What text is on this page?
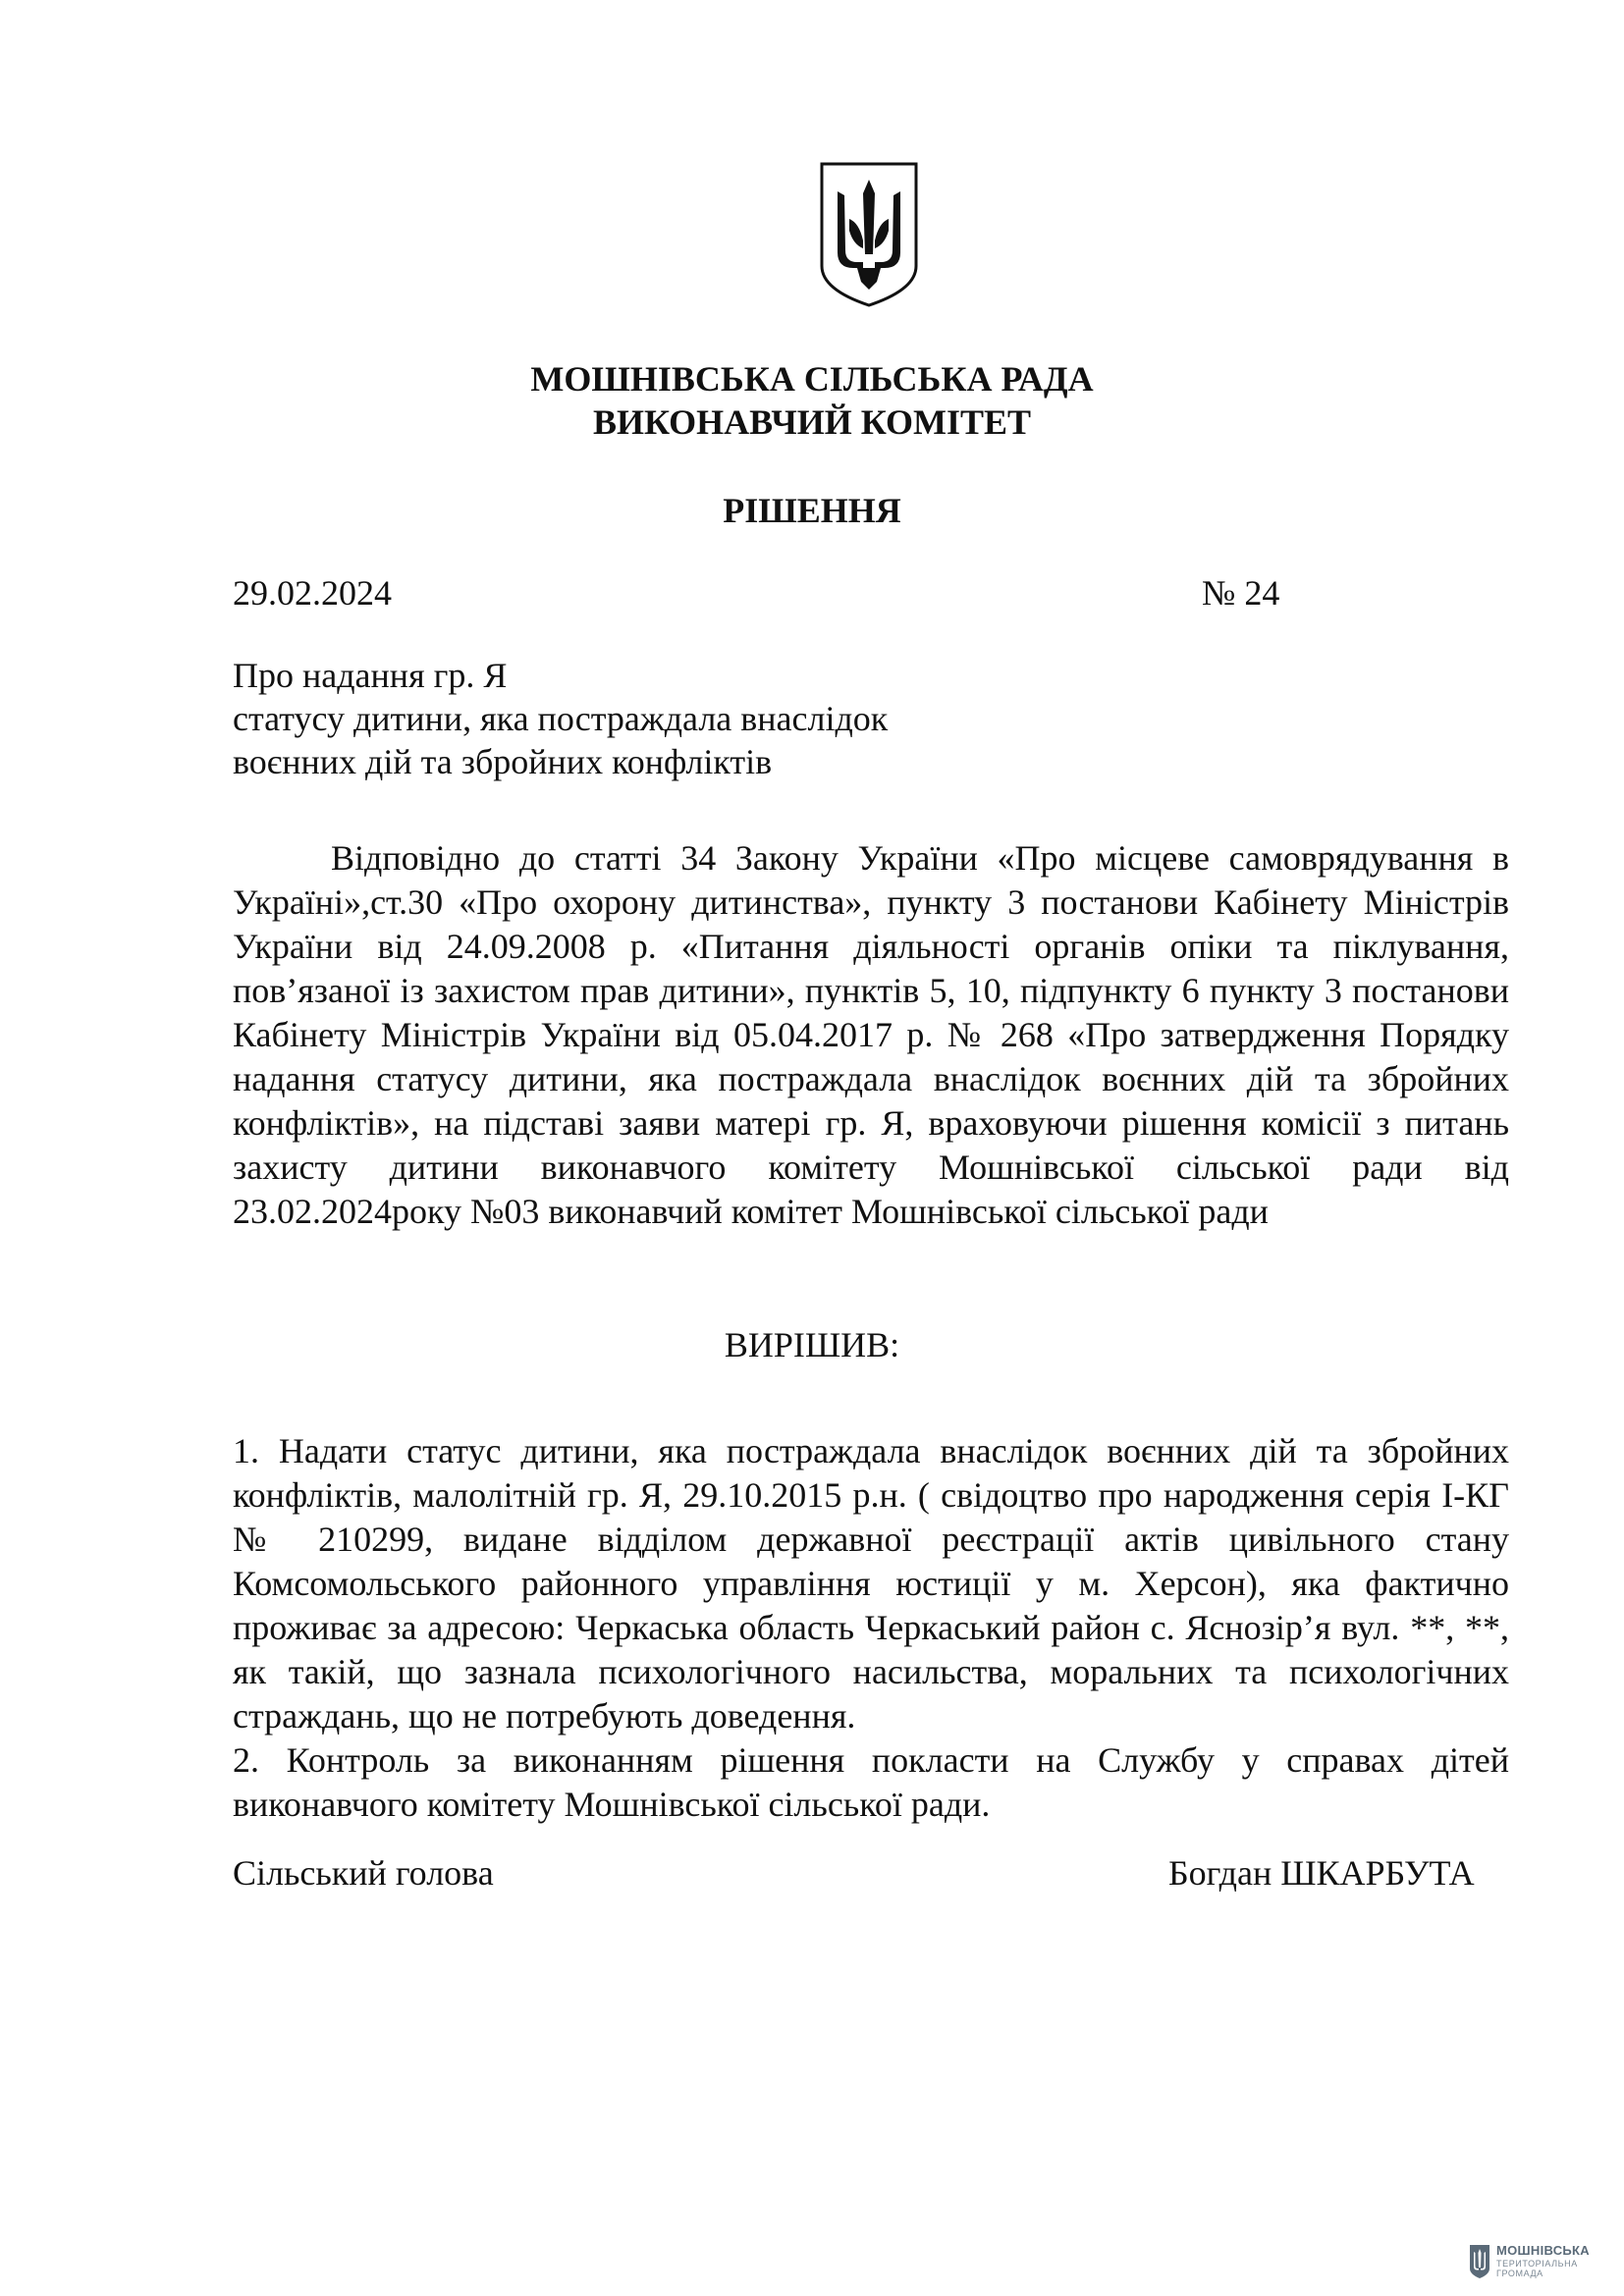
МОШНІВСЬКА СІЛЬСЬКА РАДА
ВИКОНАВЧИЙ КОМІТЕТ
РІШЕННЯ
29.02.2024	№ 24
Про надання гр. Я
статусу дитини, яка постраждала внаслідок
воєнних дій та збройних конфліктів
Відповідно до статті 34 Закону України «Про місцеве самоврядування в Україні»,ст.30 «Про охорону дитинства», пункту 3 постанови Кабінету Міністрів України від 24.09.2008 р. «Питання діяльності органів опіки та піклування, пов’язаної із захистом прав дитини», пунктів 5, 10, підпункту 6 пункту 3 постанови Кабінету Міністрів України від 05.04.2017 р. № 268 «Про затвердження Порядку надання статусу дитини, яка постраждала внаслідок воєнних дій та збройних конфліктів», на підставі заяви матері гр. Я, враховуючи рішення комісії з питань захисту дитини виконавчого комітету Мошнівської сільської ради від 23.02.2024року №03 виконавчий комітет Мошнівської сільської ради
ВИРІШИВ:

1. Надати статус дитини, яка постраждала внаслідок воєнних дій та збройних конфліктів, малолітній гр. Я, 29.10.2015 р.н. ( свідоцтво про народження серія I-КГ № 210299, видане відділом державної реєстрації актів цивільного стану Комсомольського районного управління юстиції у м. Херсон), яка фактично проживає за адресою: Черкаська область Черкаський район с. Яснозір’я вул. **, **, як такій, що зазнала психологічного насильства, моральних та психологічних страждань, що не потребують доведення.

2. Контроль за виконанням рішення покласти на Службу у справах дітей виконавчого комітету Мошнівської сільської ради.

Сільський голова	Богдан ШКАРБУТА
МОШНІВСЬКА
ТЕРИТОРІАЛЬНА
ГРОМАДА
